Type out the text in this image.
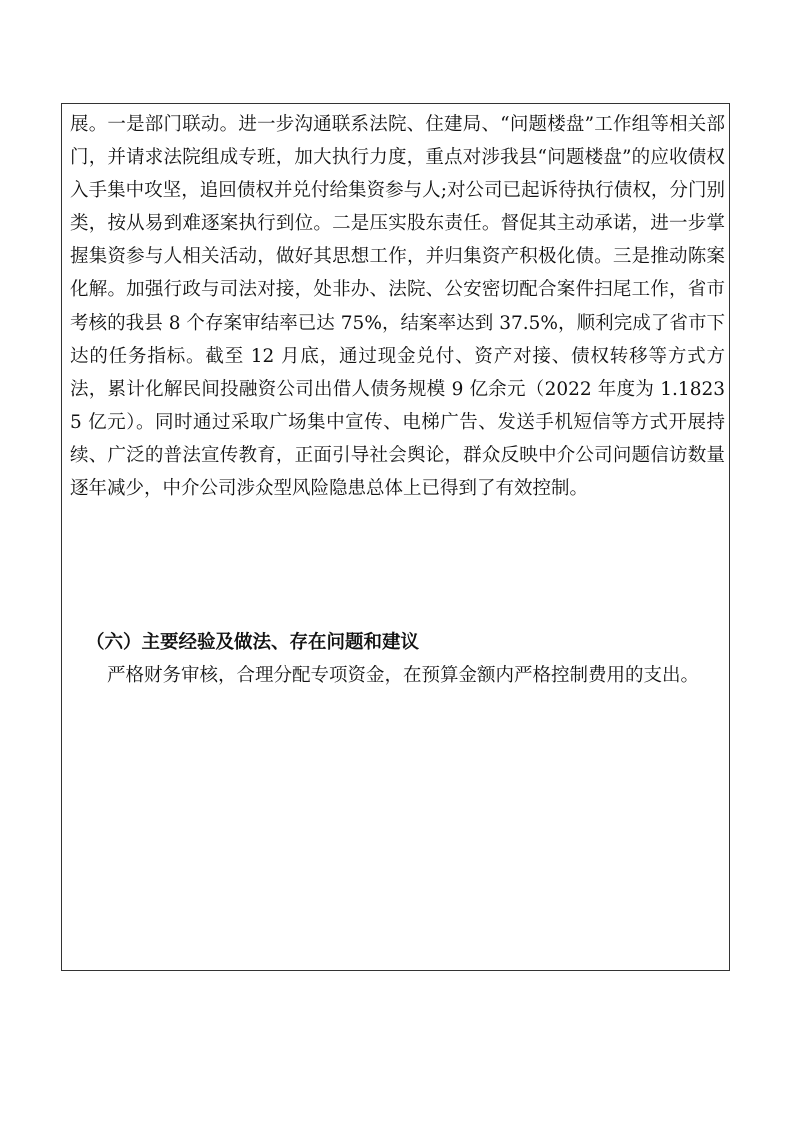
展。一是部门联动。进一步沟通联系法院、住建局、“问题楼盘”工作组等相关部门，并请求法院组成专班，加大执行力度，重点对涉我县“问题楼盘”的应收债权入手集中攻坚，追回债权并兑付给集资参与人;对公司已起诉待执行债权，分门别类，按从易到难逐案执行到位。二是压实股东责任。督促其主动承诺，进一步掌握集资参与人相关活动，做好其思想工作，并归集资产积极化债。三是推动陈案化解。加强行政与司法对接，处非办、法院、公安密切配合案件扫尾工作，省市考核的我县 8 个存案审结率已达 75%，结案率达到 37.5%，顺利完成了省市下达的任务指标。截至 12 月底，通过现金兑付、资产对接、债权转移等方式方法，累计化解民间投融资公司出借人债务规模 9 亿余元（2022 年度为 1.18235 亿元）。同时通过采取广场集中宣传、电梯广告、发送手机短信等方式开展持续、广泛的普法宣传教育，正面引导社会舆论，群众反映中介公司问题信访数量逐年减少，中介公司涉众型风险隐患总体上已得到了有效控制。

（六）主要经验及做法、存在问题和建议

严格财务审核，合理分配专项资金，在预算金额内严格控制费用的支出。
